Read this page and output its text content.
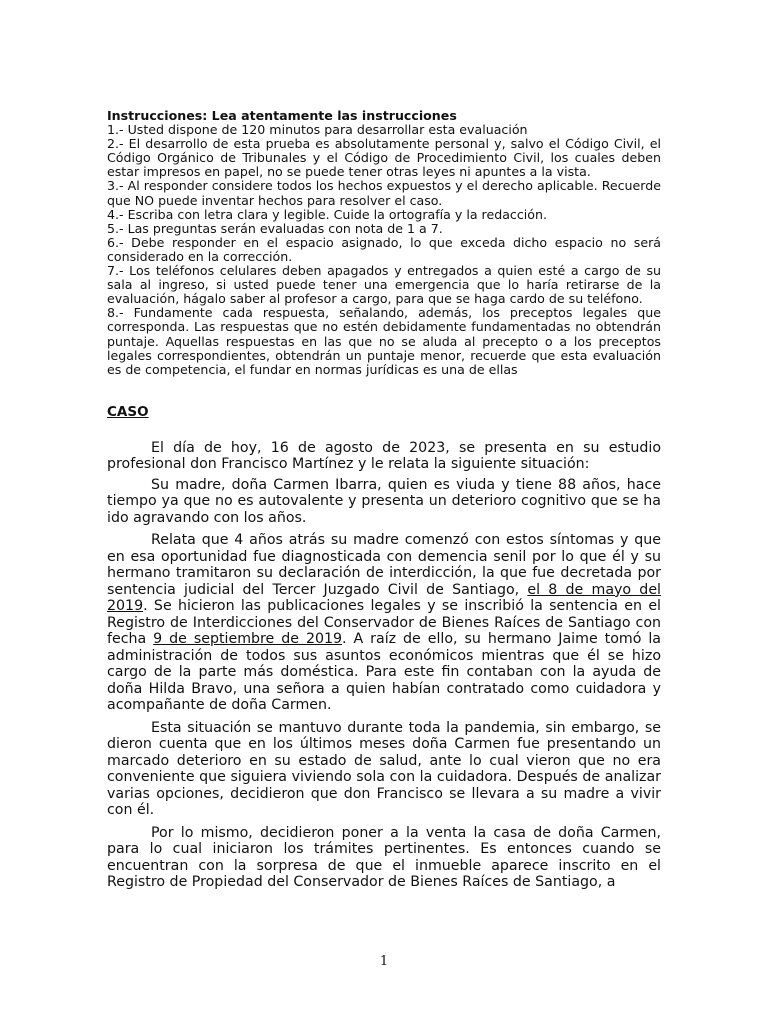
Instrucciones: Lea atentamente las instrucciones

1.- Usted dispone de 120 minutos para desarrollar esta evaluación

2.- El desarrollo de esta prueba es absolutamente personal y, salvo el Código Civil, el Código Orgánico de Tribunales y el Código de Procedimiento Civil, los cuales deben estar impresos en papel, no se puede tener otras leyes ni apuntes a la vista.

3.- Al responder considere todos los hechos expuestos y el derecho aplicable. Recuerde que NO puede inventar hechos para resolver el caso.

4.- Escriba con letra clara y legible. Cuide la ortografía y la redacción.

5.- Las preguntas serán evaluadas con nota de 1 a 7.

6.- Debe responder en el espacio asignado, lo que exceda dicho espacio no será considerado en la corrección.

7.- Los teléfonos celulares deben apagados y entregados a quien esté a cargo de su sala al ingreso, si usted puede tener una emergencia que lo haría retirarse de la evaluación, hágalo saber al profesor a cargo, para que se haga cardo de su teléfono.

8.- Fundamente cada respuesta, señalando, además, los preceptos legales que corresponda. Las respuestas que no estén debidamente fundamentadas no obtendrán puntaje. Aquellas respuestas en las que no se aluda al precepto o a los preceptos legales correspondientes, obtendrán un puntaje menor, recuerde que esta evaluación es de competencia, el fundar en normas jurídicas es una de ellas

CASO

El día de hoy, 16 de agosto de 2023, se presenta en su estudio profesional don Francisco Martínez y le relata la siguiente situación:

Su madre, doña Carmen Ibarra, quien es viuda y tiene 88 años, hace tiempo ya que no es autovalente y presenta un deterioro cognitivo que se ha ido agravando con los años.

Relata que 4 años atrás su madre comenzó con estos síntomas y que en esa oportunidad fue diagnosticada con demencia senil por lo que él y su hermano tramitaron su declaración de interdicción, la que fue decretada por sentencia judicial del Tercer Juzgado Civil de Santiago, el 8 de mayo del 2019. Se hicieron las publicaciones legales y se inscribió la sentencia en el Registro de Interdicciones del Conservador de Bienes Raíces de Santiago con fecha 9 de septiembre de 2019. A raíz de ello, su hermano Jaime tomó la administración de todos sus asuntos económicos mientras que él se hizo cargo de la parte más doméstica. Para este fin contaban con la ayuda de doña Hilda Bravo, una señora a quien habían contratado como cuidadora y acompañante de doña Carmen.

Esta situación se mantuvo durante toda la pandemia, sin embargo, se dieron cuenta que en los últimos meses doña Carmen fue presentando un marcado deterioro en su estado de salud, ante lo cual vieron que no era conveniente que siguiera viviendo sola con la cuidadora. Después de analizar varias opciones, decidieron que don Francisco se llevara a su madre a vivir con él.

Por lo mismo, decidieron poner a la venta la casa de doña Carmen, para lo cual iniciaron los trámites pertinentes. Es entonces cuando se encuentran con la sorpresa de que el inmueble aparece inscrito en el Registro de Propiedad del Conservador de Bienes Raíces de Santiago, a

1
